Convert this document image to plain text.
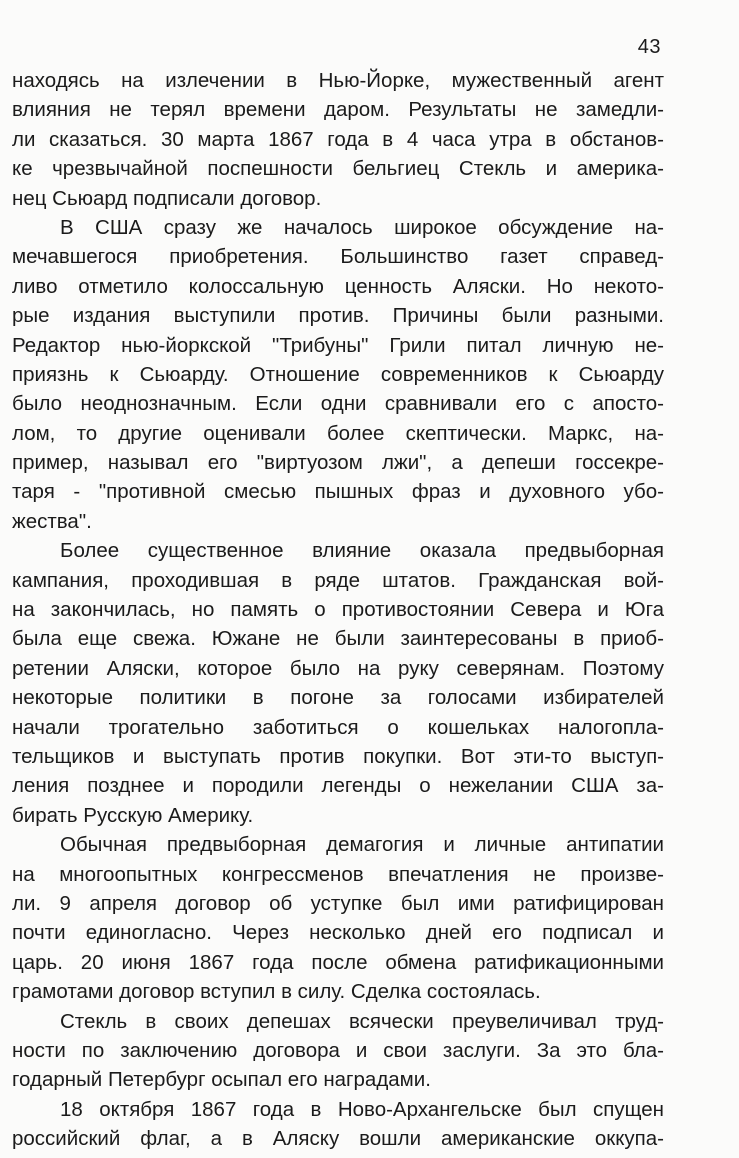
43
находясь на излечении в Нью-Йорке, мужественный агент
влияния не терял времени даром. Результаты не замедли-
ли сказаться. 30 марта 1867 года в 4 часа утра в обстанов-
ке чрезвычайной поспешности бельгиец Стекль и америка-
нец Сьюард подписали договор.
В США сразу же началось широкое обсуждение на-
мечавшегося приобретения. Большинство газет справед-
ливо отметило колоссальную ценность Аляски. Но некото-
рые издания выступили против. Причины были разными.
Редактор нью-йоркской "Трибуны" Грили питал личную не-
приязнь к Сьюарду. Отношение современников к Сьюарду
было неоднозначным. Если одни сравнивали его с апосто-
лом, то другие оценивали более скептически. Маркс, на-
пример, называл его "виртуозом лжи", а депеши госсекре-
таря - "противной смесью пышных фраз и духовного убо-
жества".
Более существенное влияние оказала предвыборная
кампания, проходившая в ряде штатов. Гражданская вой-
на закончилась, но память о противостоянии Севера и Юга
была еще свежа. Южане не были заинтересованы в приоб-
ретении Аляски, которое было на руку северянам. Поэтому
некоторые политики в погоне за голосами избирателей
начали трогательно заботиться о кошельках налогопла-
тельщиков и выступать против покупки. Вот эти-то выступ-
ления позднее и породили легенды о нежелании США за-
бирать Русскую Америку.
Обычная предвыборная демагогия и личные антипатии
на многоопытных конгрессменов впечатления не произве-
ли. 9 апреля договор об уступке был ими ратифицирован
почти единогласно. Через несколько дней его подписал и
царь. 20 июня 1867 года после обмена ратификационными
грамотами договор вступил в силу. Сделка состоялась.
Стекль в своих депешах всячески преувеличивал труд-
ности по заключению договора и свои заслуги. За это бла-
годарный Петербург осыпал его наградами.
18 октября 1867 года в Ново-Архангельске был спущен
российский флаг, а в Аляску вошли американские оккупа-
